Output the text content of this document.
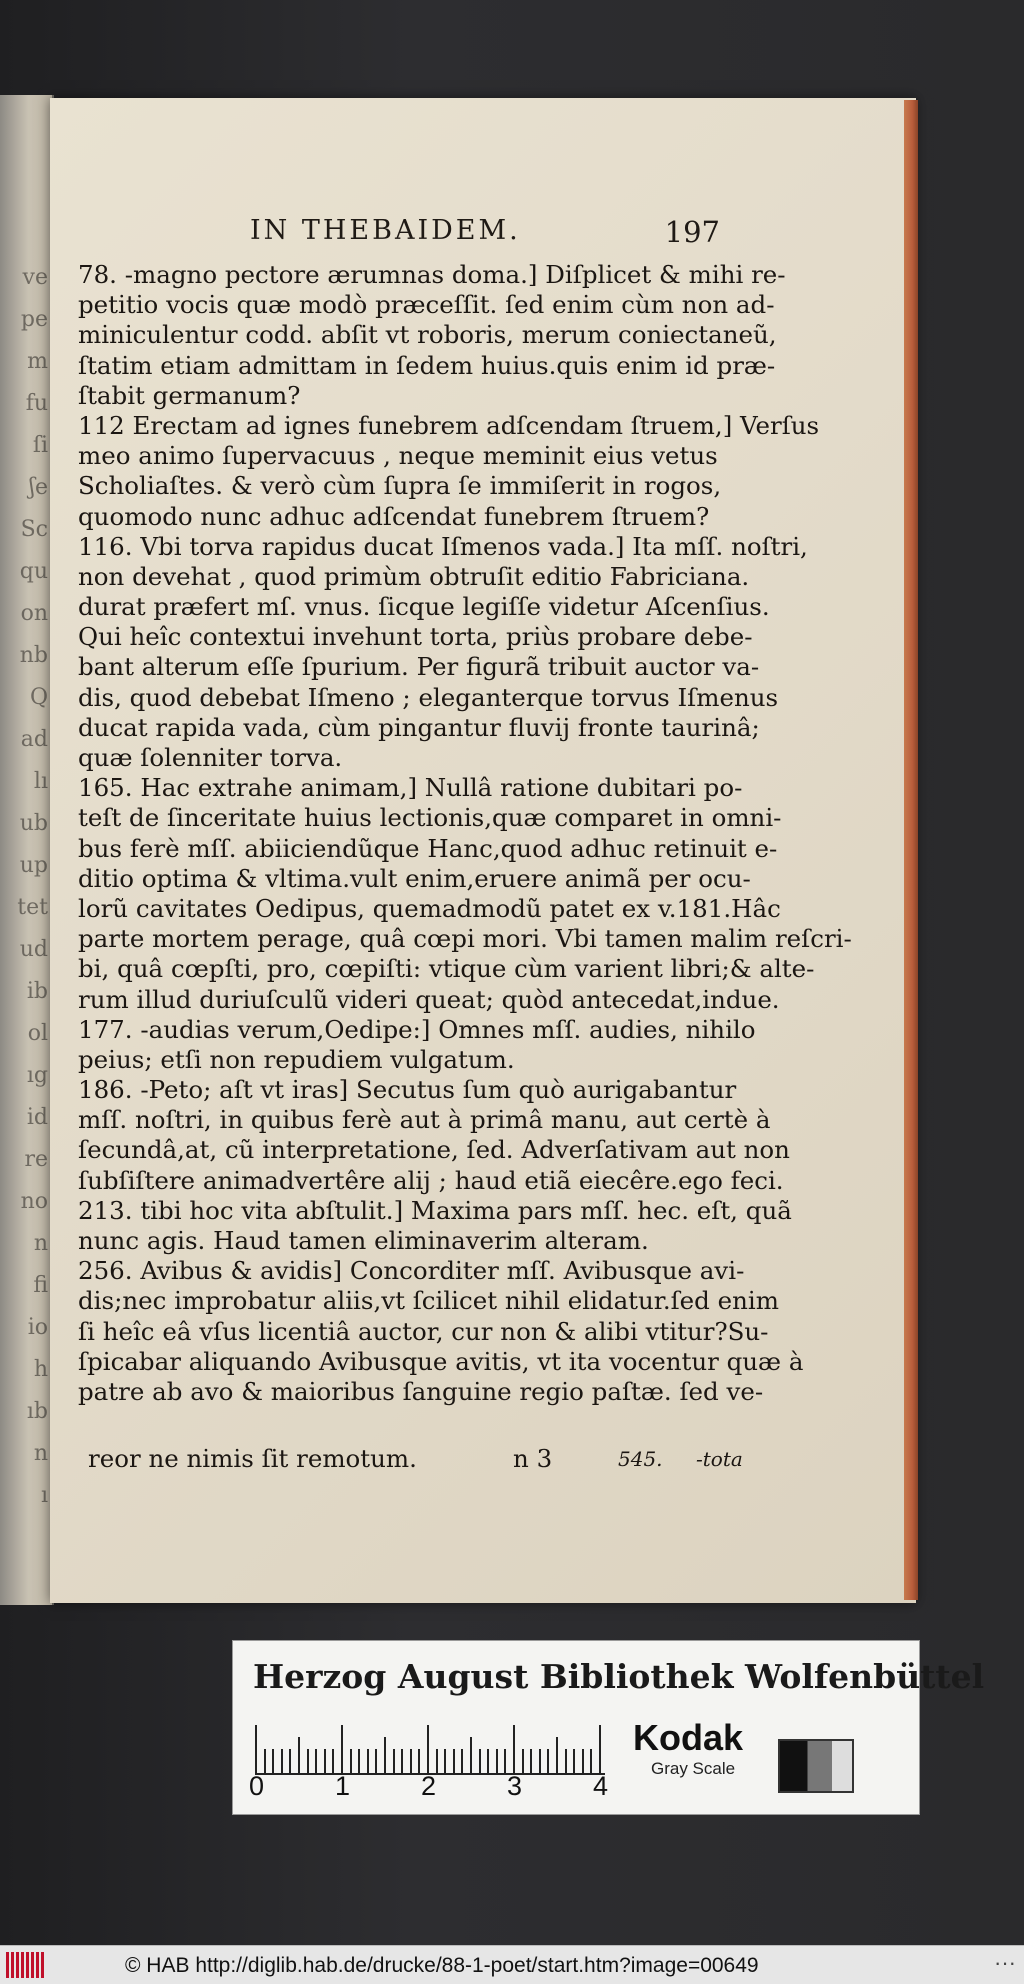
ve
pe
m
fu
ſi
ʃe
Sc
qu
on
nb
Q
ad
lı
ub
up
tet
ud
ib
ol
ıg
id
re
no
n
fi
io
h
ıb
n
ı
IN THEBAIDEM.	197
78. -magno pectore ærumnas doma.] Diſplicet & mihi re-
petitio vocis quæ modò præceſſit. ſed enim cùm non ad-
miniculentur codd. abſit vt roboris, merum coniectaneũ,
ſtatim etiam admittam in ſedem huius.quis enim id præ-
ſtabit germanum?
112 Erectam ad ignes funebrem adſcendam ſtruem,] Verſus
meo animo ſupervacuus , neque meminit eius vetus
Scholiaſtes. & verò cùm ſupra ſe immiſerit in rogos,
quomodo nunc adhuc adſcendat funebrem ſtruem?
116. Vbi torva rapidus ducat Iſmenos vada.] Ita mſſ. noſtri,
non devehat , quod primùm obtruſit editio Fabriciana.
durat præfert mſ. vnus. ſicque legiſſe videtur Aſcenſius.
Qui heîc contextui invehunt torta, priùs probare debe-
bant alterum eſſe ſpurium. Per figurã tribuit auctor va-
dis, quod debebat Iſmeno ; eleganterque torvus Iſmenus
ducat rapida vada, cùm pingantur fluvij fronte taurinâ;
quæ ſolenniter torva.
165. Hac extrahe animam,] Nullâ ratione dubitari po-
teſt de ſinceritate huius lectionis,quæ comparet in omni-
bus ferè mſſ. abiiciendũque Hanc,quod adhuc retinuit e-
ditio optima & vltima.vult enim,eruere animã per ocu-
lorũ cavitates Oedipus, quemadmodũ patet ex v.181.Hâc
parte mortem perage, quâ cœpi mori. Vbi tamen malim reſcri-
bi, quâ cœpſti, pro, cœpiſti: vtique cùm varient libri;& alte-
rum illud duriuſculũ videri queat; quòd antecedat,indue.
177. -audias verum,Oedipe:] Omnes mſſ. audies, nihilo
peius; etſi non repudiem vulgatum.
186. -Peto; aſt vt iras] Secutus ſum quò aurigabantur
mſſ. noſtri, in quibus ferè aut à primâ manu, aut certè à
ſecundâ,at, cũ interpretatione, ſed. Adverſativam aut non
ſubſiſtere animadvertêre alij ; haud etiã eiecêre.ego feci.
213. tibi hoc vita abſtulit.] Maxima pars mſſ. hec. eſt, quã
nunc agis. Haud tamen eliminaverim alteram.
256. Avibus & avidis] Concorditer mſſ. Avibusque avi-
dis;nec improbatur aliis,vt ſcilicet nihil elidatur.ſed enim
ſi heîc eâ vſus licentiâ auctor, cur non & alibi vtitur?Su-
ſpicabar aliquando Avibusque avitis, vt ita vocentur quæ à
patre ab avo & maioribus ſanguine regio paſtæ. ſed ve-
reor ne nimis ſit remotum.	n 3	545. -tota
Herzog August Bibliothek Wolfenbüttel
0	1	2	3	4
Kodak
Gray Scale
© HAB http://diglib.hab.de/drucke/88-1-poet/start.htm?image=00649	···
